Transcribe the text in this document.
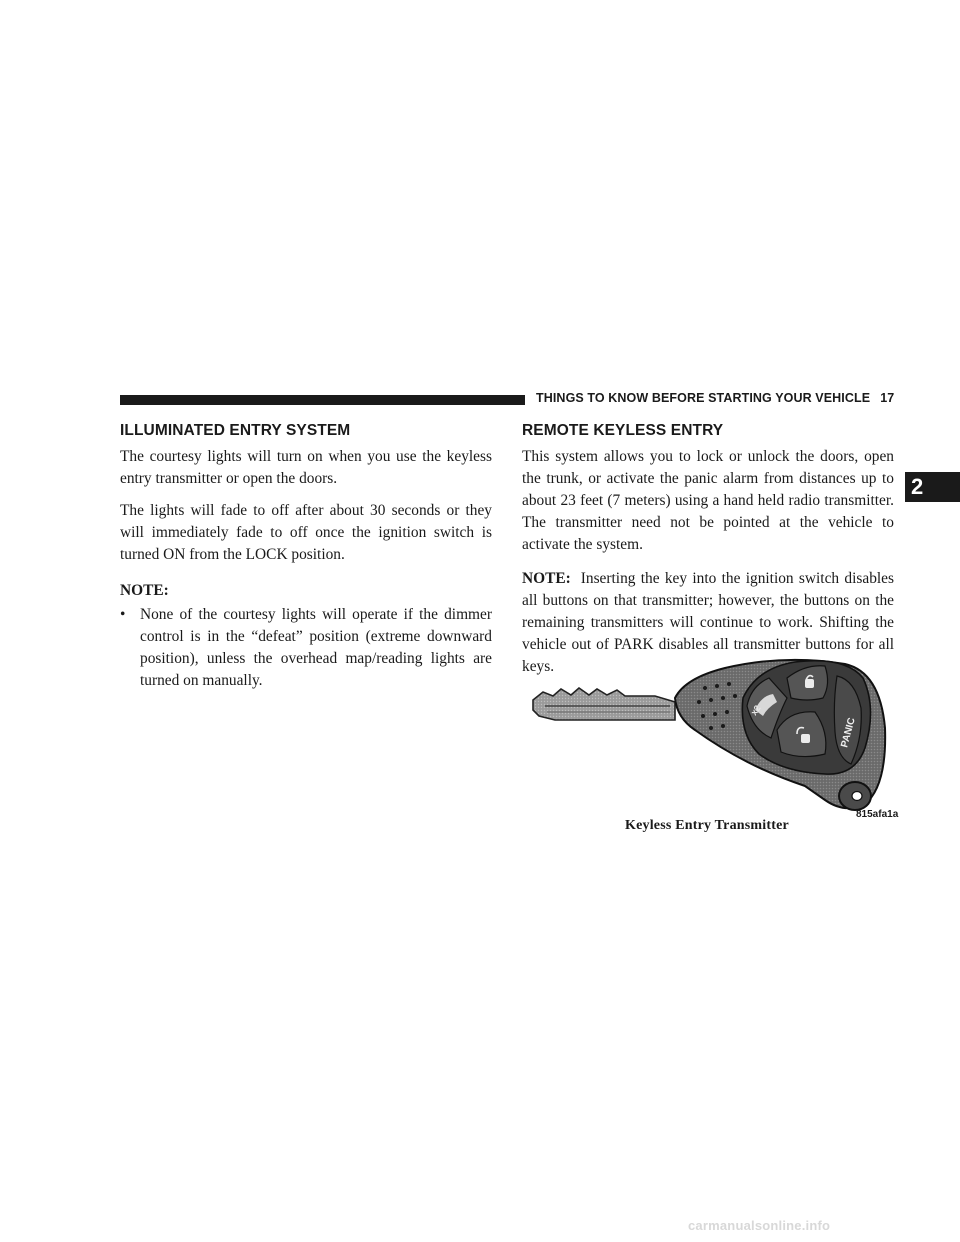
THINGS TO KNOW BEFORE STARTING YOUR VEHICLE 17
2
ILLUMINATED ENTRY SYSTEM

The courtesy lights will turn on when you use the keyless entry transmitter or open the doors.

The lights will fade to off after about 30 seconds or they will immediately fade to off once the ignition switch is turned ON from the LOCK position.

NOTE:

• None of the courtesy lights will operate if the dimmer control is in the “defeat” position (extreme downward position), unless the overhead map/reading lights are turned on manually.
REMOTE KEYLESS ENTRY

This system allows you to lock or unlock the doors, open the trunk, or activate the panic alarm from distances up to about 23 feet (7 meters) using a hand held radio transmitter. The transmitter need not be pointed at the vehicle to activate the system.

NOTE: Inserting the key into the ignition switch disables all buttons on that transmitter; however, the buttons on the remaining transmitters will continue to work. Shifting the vehicle out of PARK disables all transmitter buttons for all keys.

x2
PANIC
815afa1a
Keyless Entry Transmitter
carmanualsonline.info
